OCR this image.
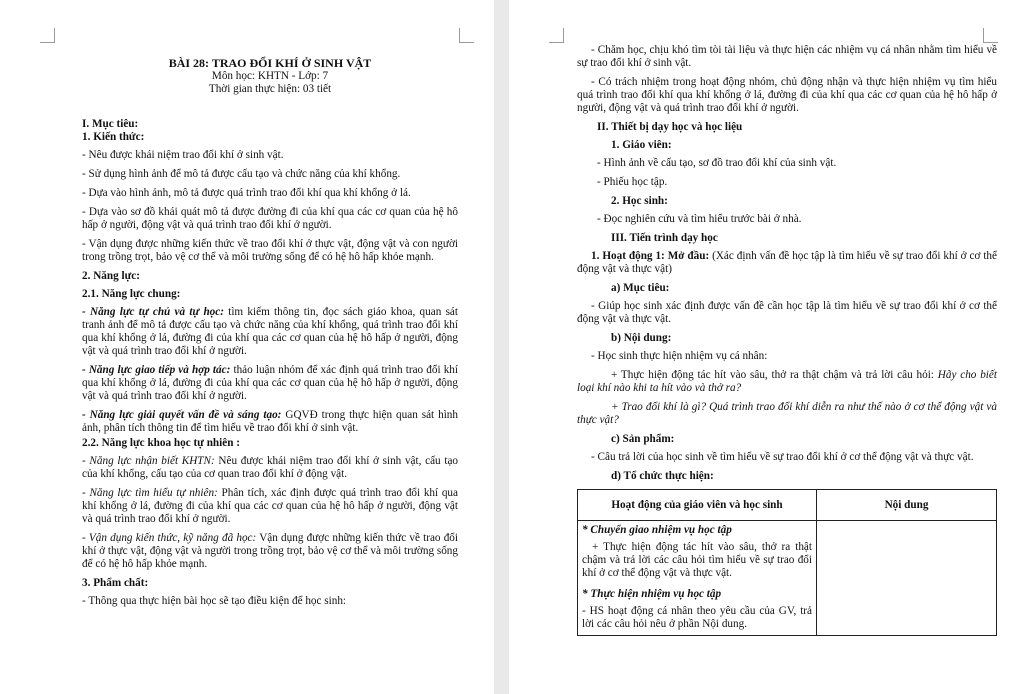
BÀI 28: TRAO ĐỔI KHÍ Ở SINH VẬT

Môn học: KHTN - Lớp: 7

Thời gian thực hiện: 03 tiết

I. Mục tiêu:

1. Kiến thức:

- Nêu được khái niệm trao đổi khí ở sinh vật.

- Sử dụng hình ảnh để mô tả được cấu tạo và chức năng của khí khổng.

- Dựa vào hình ảnh, mô tả được quá trình trao đổi khí qua khí khổng ở lá.

- Dựa vào sơ đồ khái quát mô tả được đường đi của khí qua các cơ quan của hệ hô hấp ở người, động vật và quá trình trao đổi khí ở người.

- Vận dụng được những kiến thức về trao đổi khí ở thực vật, động vật và con người trong trồng trọt, bảo vệ cơ thể và môi trường sống để có hệ hô hấp khỏe mạnh.

2. Năng lực:

2.1. Năng lực chung:

- Năng lực tự chủ và tự học: tìm kiếm thông tin, đọc sách giáo khoa, quan sát tranh ảnh để mô tả được cấu tạo và chức năng của khí khổng, quá trình trao đổi khí qua khí khổng ở lá, đường đi của khí qua các cơ quan của hệ hô hấp ở người, động vật và quá trình trao đổi khí ở người.

- Năng lực giao tiếp và hợp tác: thảo luận nhóm để xác định quá trình trao đổi khí qua khí khổng ở lá, đường đi của khí qua các cơ quan của hệ hô hấp ở người, động vật và quá trình trao đổi khí ở người.

- Năng lực giải quyết vấn đề và sáng tạo: GQVĐ trong thực hiện quan sát hình ảnh, phân tích thông tin để tìm hiểu về trao đổi khí ở sinh vật.

2.2. Năng lực khoa học tự nhiên :

- Năng lực nhận biết KHTN: Nêu được khái niệm trao đổi khí ở sinh vật, cấu tạo của khí khổng, cấu tạo của cơ quan trao đổi khí ở động vật.

- Năng lực tìm hiểu tự nhiên: Phân tích, xác định được quá trình trao đổi khí qua khí khổng ở lá, đường đi của khí qua các cơ quan của hệ hô hấp ở người, động vật và quá trình trao đổi khí ở người.

- Vận dụng kiến thức, kỹ năng đã học: Vận dụng được những kiến thức về trao đổi khí ở thực vật, động vật và người trong trồng trọt, bảo vệ cơ thể và môi trường sống để có hệ hô hấp khỏe mạnh.

3. Phẩm chất:

- Thông qua thực hiện bài học sẽ tạo điều kiện để học sinh:

- Chăm học, chịu khó tìm tòi tài liệu và thực hiện các nhiệm vụ cá nhân nhằm tìm hiểu về sự trao đổi khí ở sinh vật.

- Có trách nhiệm trong hoạt động nhóm, chủ động nhận và thực hiện nhiệm vụ tìm hiểu quá trình trao đổi khí qua khí khổng ở lá, đường đi của khí qua các cơ quan của hệ hô hấp ở người, động vật và quá trình trao đổi khí ở người.

II. Thiết bị dạy học và học liệu

1. Giáo viên:

- Hình ảnh về cấu tạo, sơ đồ trao đổi khí của sinh vật.

- Phiếu học tập.

2. Học sinh:

- Đọc nghiên cứu và tìm hiểu trước bài ở nhà.

III. Tiến trình dạy học

1. Hoạt động 1: Mở đầu: (Xác định vấn đề học tập là tìm hiểu về sự trao đổi khí ở cơ thể động vật và thực vật)

a) Mục tiêu:

- Giúp học sinh xác định được vấn đề cần học tập là tìm hiểu về sự trao đổi khí ở cơ thể động vật và thực vật.

b) Nội dung:

- Học sinh thực hiện nhiệm vụ cá nhân:

+ Thực hiện động tác hít vào sâu, thở ra thật chậm và trả lời câu hỏi: Hãy cho biết loại khí nào khi ta hít vào và thở ra?

+ Trao đổi khí là gì? Quá trình trao đổi khí diễn ra như thế nào ở cơ thể động vật và thực vật?

c) Sản phẩm:

- Câu trả lời của học sinh về tìm hiểu về sự trao đổi khí ở cơ thể động vật và thực vật.

d) Tổ chức thực hiện:

Hoạt động của giáo viên và học sinh	Nội dung

* Chuyển giao nhiệm vụ học tập
+ Thực hiện động tác hít vào sâu, thở ra thật chậm và trả lời các câu hỏi tìm hiểu về sự trao đổi khí ở cơ thể động vật và thực vật.
* Thực hiện nhiệm vụ học tập
- HS hoạt động cá nhân theo yêu cầu của GV, trả lời các câu hỏi nêu ở phần Nội dung.	
